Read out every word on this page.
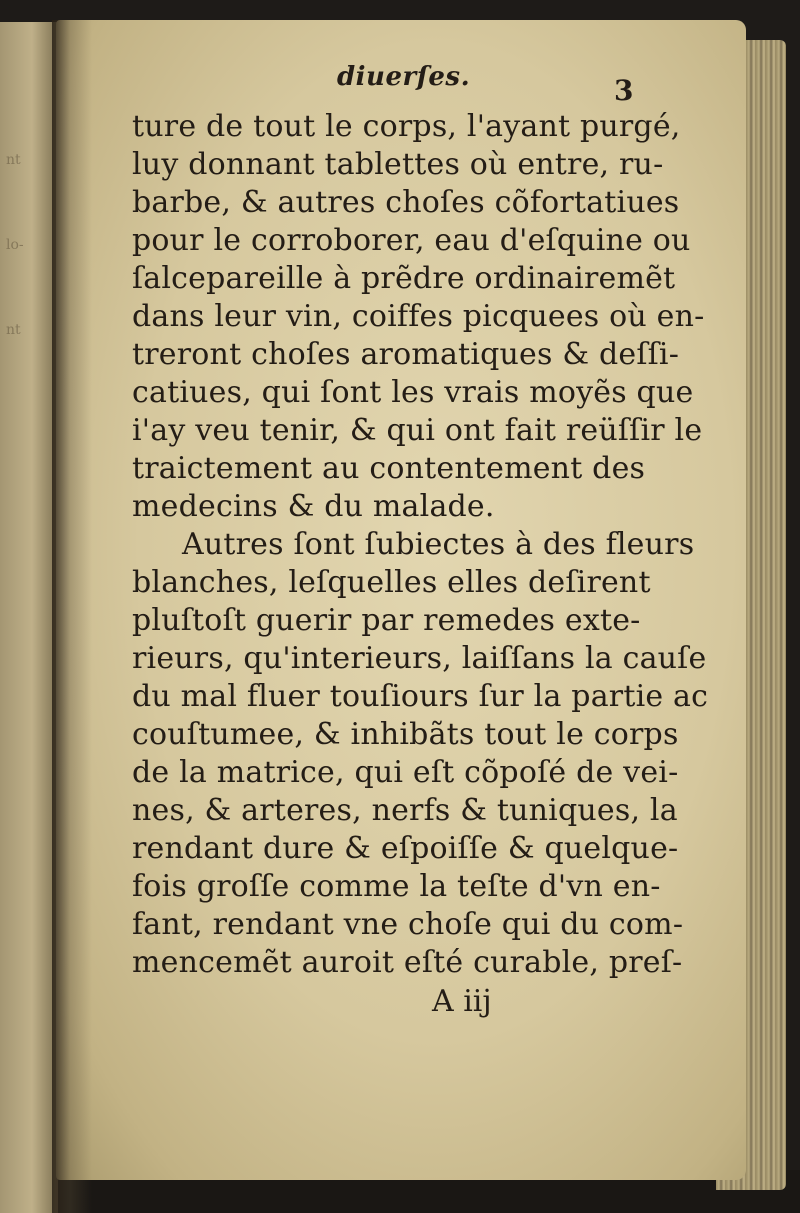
nt
lo-
nt
diuerſes.	3
ture de tout le corps, l'ayant purgé,
luy donnant tablettes où entre, ru-
barbe, & autres choſes cõfortatiues
pour le corroborer, eau d'eſquine ou
ſalcepareille à prẽdre ordinairemẽt
dans leur vin, coiffes picquees où en-
treront choſes aromatiques & deſſi-
catiues, qui ſont les vrais moyẽs que
i'ay veu tenir, & qui ont fait reüſſir le
traictement au contentement des
medecins & du malade.
Autres ſont ſubiectes à des fleurs
blanches, leſquelles elles deſirent
pluſtoſt guerir par remedes exte-
rieurs, qu'interieurs, laiſſans la cauſe
du mal fluer touſiours ſur la partie ac
couſtumee, & inhibãts tout le corps
de la matrice, qui eſt cõpoſé de vei-
nes, & arteres, nerfs & tuniques, la
rendant dure & eſpoiſſe & quelque-
fois groſſe comme la teſte d'vn en-
fant, rendant vne choſe qui du com-
mencemẽt auroit eſté curable, preſ-
A iij
